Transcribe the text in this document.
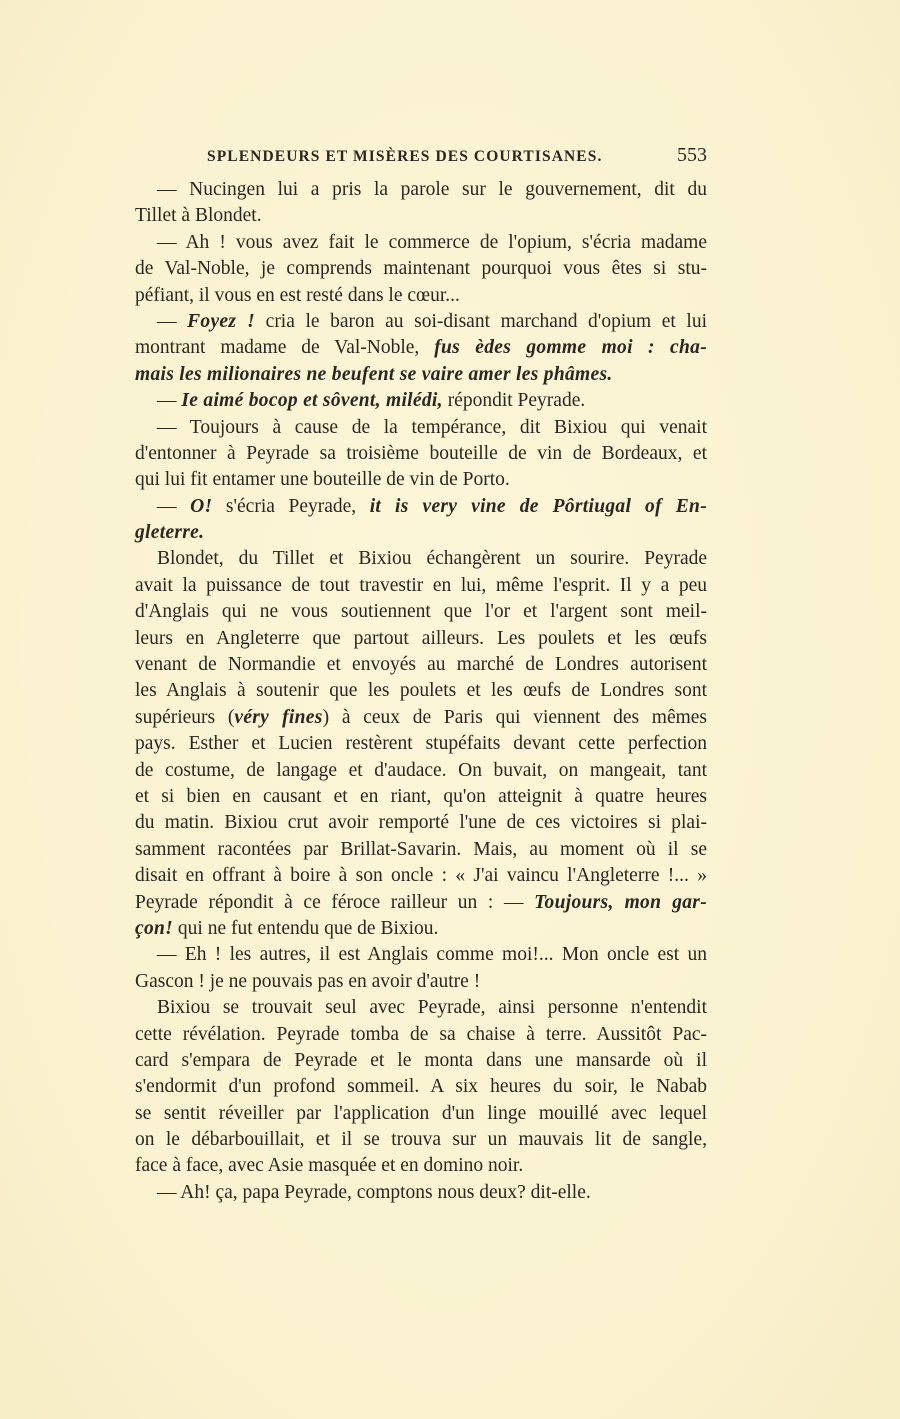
SPLENDEURS ET MISÈRES DES COURTISANES.	553
— Nucingen lui a pris la parole sur le gouvernement, dit du
Tillet à Blondet.
— Ah ! vous avez fait le commerce de l'opium, s'écria madame
de Val-Noble, je comprends maintenant pourquoi vous êtes si stu-
péfiant, il vous en est resté dans le cœur...
— Foyez ! cria le baron au soi-disant marchand d'opium et lui
montrant madame de Val-Noble, fus èdes gomme moi : cha-
mais les milionaires ne beufent se vaire amer les phâmes.
— Ie aimé bocop et sôvent, milédi, répondit Peyrade.
— Toujours à cause de la tempérance, dit Bixiou qui venait
d'entonner à Peyrade sa troisième bouteille de vin de Bordeaux, et
qui lui fit entamer une bouteille de vin de Porto.
— O! s'écria Peyrade, it is very vine de Pôrtiugal of En-
gleterre.
Blondet, du Tillet et Bixiou échangèrent un sourire. Peyrade
avait la puissance de tout travestir en lui, même l'esprit. Il y a peu
d'Anglais qui ne vous soutiennent que l'or et l'argent sont meil-
leurs en Angleterre que partout ailleurs. Les poulets et les œufs
venant de Normandie et envoyés au marché de Londres autorisent
les Anglais à soutenir que les poulets et les œufs de Londres sont
supérieurs (véry fines) à ceux de Paris qui viennent des mêmes
pays. Esther et Lucien restèrent stupéfaits devant cette perfection
de costume, de langage et d'audace. On buvait, on mangeait, tant
et si bien en causant et en riant, qu'on atteignit à quatre heures
du matin. Bixiou crut avoir remporté l'une de ces victoires si plai-
samment racontées par Brillat-Savarin. Mais, au moment où il se
disait en offrant à boire à son oncle : « J'ai vaincu l'Angleterre !... »
Peyrade répondit à ce féroce railleur un : — Toujours, mon gar-
çon! qui ne fut entendu que de Bixiou.
— Eh ! les autres, il est Anglais comme moi!... Mon oncle est un
Gascon ! je ne pouvais pas en avoir d'autre !
Bixiou se trouvait seul avec Peyrade, ainsi personne n'entendit
cette révélation. Peyrade tomba de sa chaise à terre. Aussitôt Pac-
card s'empara de Peyrade et le monta dans une mansarde où il
s'endormit d'un profond sommeil. A six heures du soir, le Nabab
se sentit réveiller par l'application d'un linge mouillé avec lequel
on le débarbouillait, et il se trouva sur un mauvais lit de sangle,
face à face, avec Asie masquée et en domino noir.
— Ah! ça, papa Peyrade, comptons nous deux? dit-elle.
